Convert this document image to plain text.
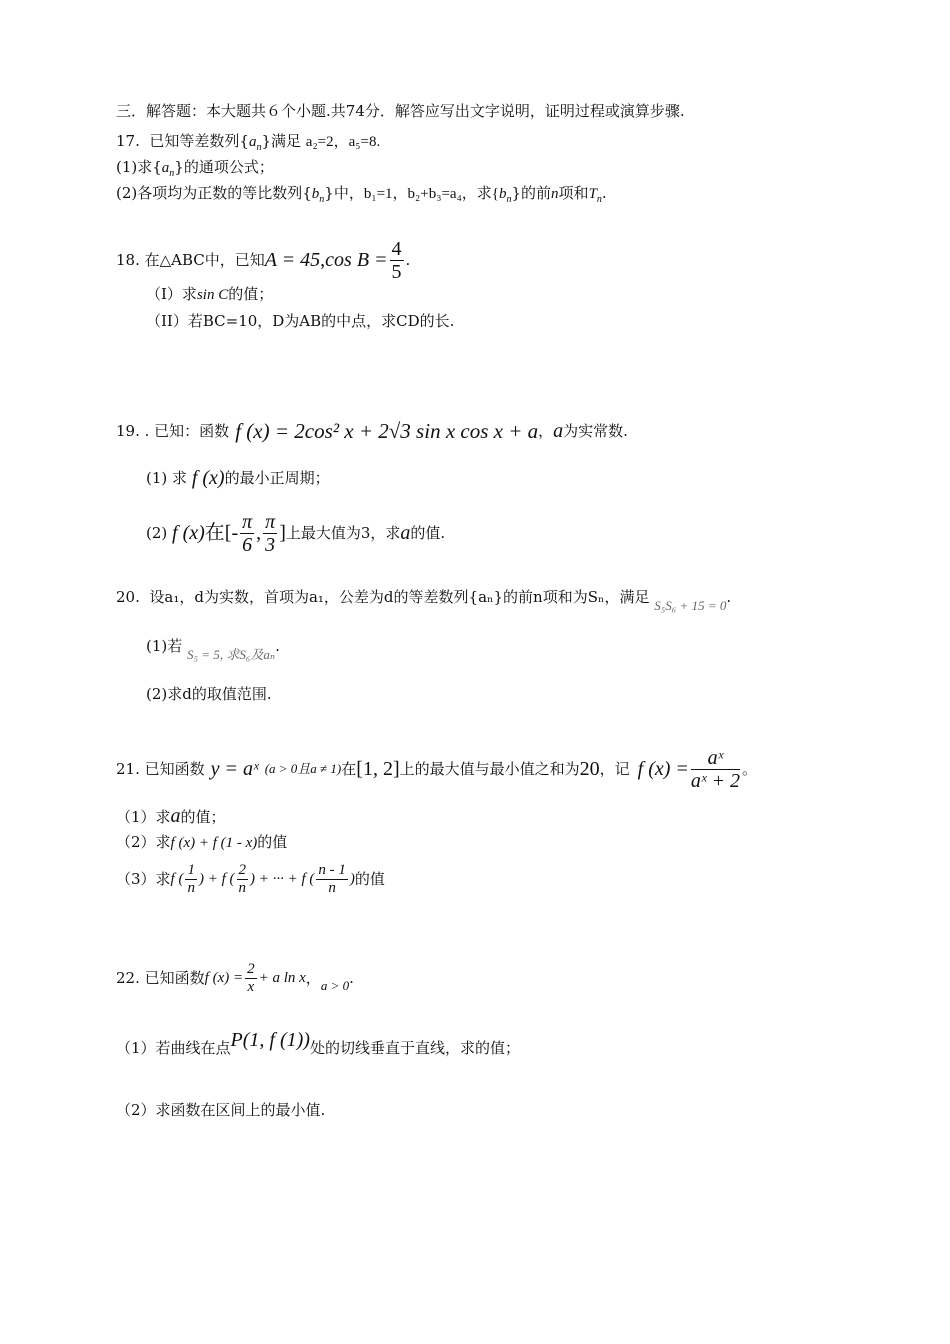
三．解答题：本大题共６个小题.共74分．解答应写出文字说明，证明过程或演算步骤.
17. 已知等差数列$\{a_n\}$满足 a₂=2，a₅=8.
(1)求$\{a_n\}$的通项公式；
(2)各项均为正数的等比数列$\{b_n\}$中，b₁=1，b₂+b₃=a₄，求$\{b_n\}$的前n项和$T_n$.
18.
在△ABC中，已知 A = 45 , $\cos B = \frac{4}{5}$ .
（I）求sin C的值；
（II）若BC=10，D为AB的中点，求CD的长.
19.
. 已知：函数 f (x) = 2cos² x + 2√3 sin x cos x + a ， a 为实常数.
(1) 求
f (x) 的最小正周期；
(2)
f (x) 在[- $\frac{\pi}{6}$ , $\frac{\pi}{3}$ ] 上最大值为3，求 a 的值.
20. 设a₁，d为实数，首项为a₁，公差为d的等差数列{aₙ}的前n项和为Sₙ，满足 S₅S₆ + 15 = 0.
(1)若 S₅ = 5, 求S₆及aₙ.
(2)求d的取值范围.
21.
已知函数 y = aˣ (a > 0且a ≠ 1) 在 [1, 2] 上的最大值与最小值之和为 20 ，记 f $(x) = \frac{\text{aˣ}}{\text{aˣ + 2}}$ 。
（1）求a的值；
（2）求f (x) + f (1 - x)的值
（3）求 f ( $\frac{1}{n}$ ) + f ( $\frac{2}{n}$ ) + ··· + f ( $\frac{n - 1}{n}$ ) 的值
22.
已知函数 f $(x) = \frac{2}{x} + a$ ln x ， a > 0 .
（1）若曲线在点 P(1, f (1)) 处的切线垂直于直线，求的值；
（2）求函数在区间上的最小值.
